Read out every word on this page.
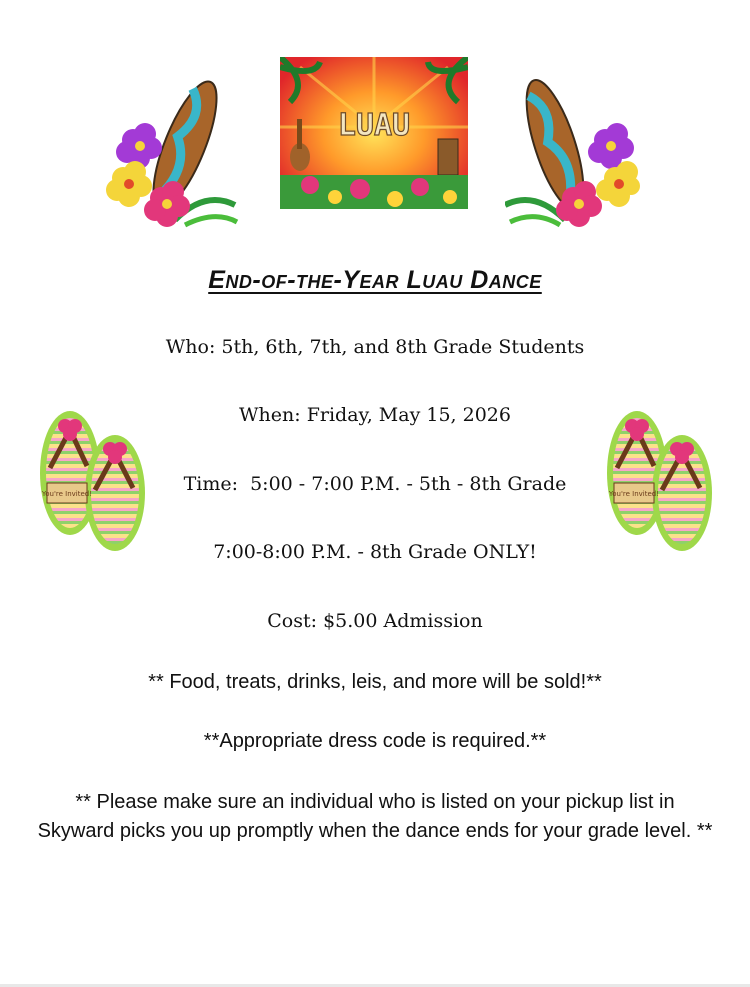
LUAU
You're Invited!	You're Invited!
End-of-the-Year Luau Dance
Who: 5th, 6th, 7th, and 8th Grade Students
When: Friday, May 15, 2026
Time:  5:00 - 7:00 P.M. - 5th - 8th Grade
7:00-8:00 P.M. - 8th Grade ONLY!
Cost: $5.00 Admission
** Food, treats, drinks, leis, and more will be sold!**
**Appropriate dress code is required.**
** Please make sure an individual who is listed on your pickup list in Skyward picks you up promptly when the dance ends for your grade level. **
